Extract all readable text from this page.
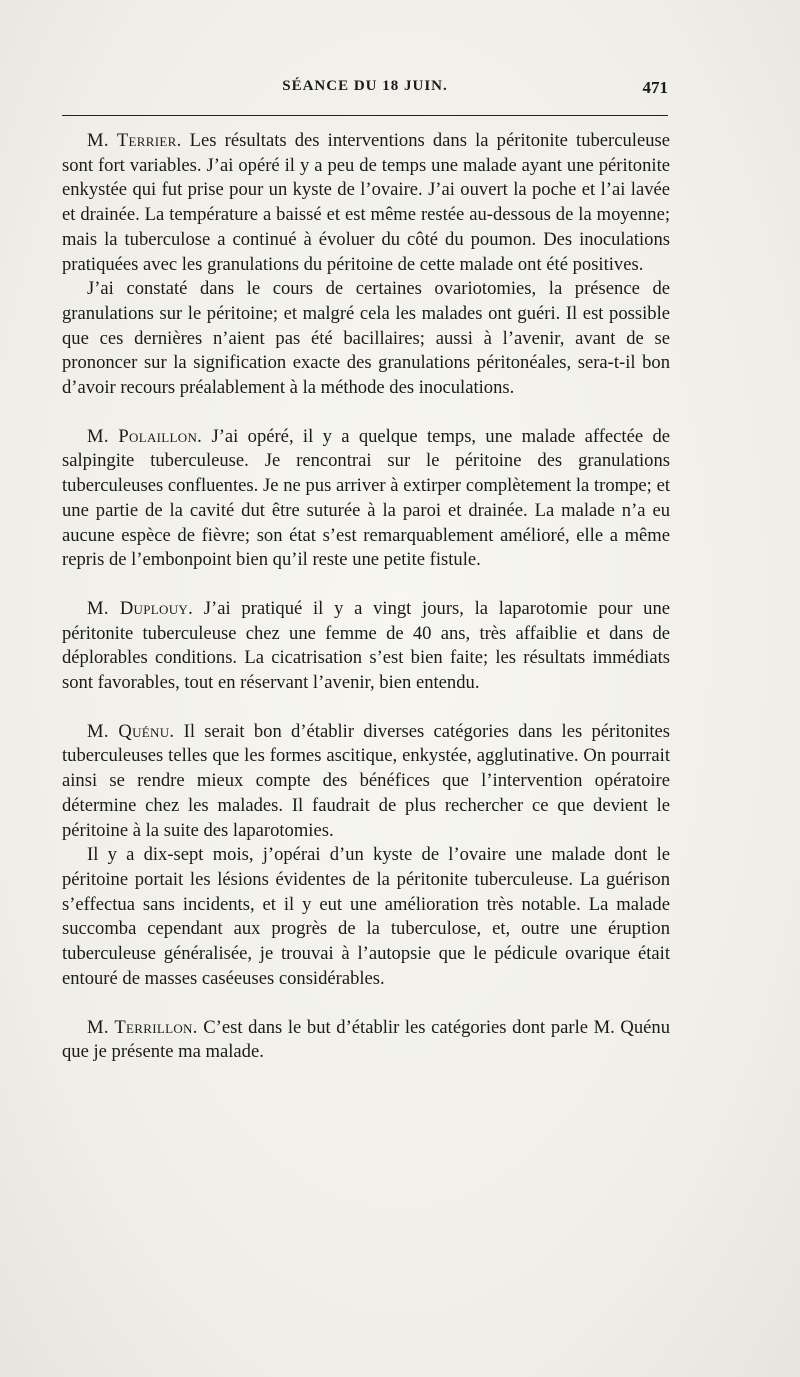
SÉANCE DU 18 JUIN.	471

M. Terrier. Les résultats des interventions dans la péritonite tuberculeuse sont fort variables. J’ai opéré il y a peu de temps une malade ayant une péritonite enkystée qui fut prise pour un kyste de l’ovaire. J’ai ouvert la poche et l’ai lavée et drainée. La température a baissé et est même restée au-dessous de la moyenne; mais la tuberculose a continué à évoluer du côté du poumon. Des inoculations pratiquées avec les granulations du péritoine de cette malade ont été positives.

J’ai constaté dans le cours de certaines ovariotomies, la présence de granulations sur le péritoine; et malgré cela les malades ont guéri. Il est possible que ces dernières n’aient pas été bacillaires; aussi à l’avenir, avant de se prononcer sur la signification exacte des granulations péritonéales, sera-t-il bon d’avoir recours préalablement à la méthode des inoculations.

M. Polaillon. J’ai opéré, il y a quelque temps, une malade affectée de salpingite tuberculeuse. Je rencontrai sur le péritoine des granulations tuberculeuses confluentes. Je ne pus arriver à extirper complètement la trompe; et une partie de la cavité dut être suturée à la paroi et drainée. La malade n’a eu aucune espèce de fièvre; son état s’est remarquablement amélioré, elle a même repris de l’embonpoint bien qu’il reste une petite fistule.

M. Duplouy. J’ai pratiqué il y a vingt jours, la laparotomie pour une péritonite tuberculeuse chez une femme de 40 ans, très affaiblie et dans de déplorables conditions. La cicatrisation s’est bien faite; les résultats immédiats sont favorables, tout en réservant l’avenir, bien entendu.

M. Quénu. Il serait bon d’établir diverses catégories dans les péritonites tuberculeuses telles que les formes ascitique, enkystée, agglutinative. On pourrait ainsi se rendre mieux compte des bénéfices que l’intervention opératoire détermine chez les malades. Il faudrait de plus rechercher ce que devient le péritoine à la suite des laparotomies.

Il y a dix-sept mois, j’opérai d’un kyste de l’ovaire une malade dont le péritoine portait les lésions évidentes de la péritonite tuberculeuse. La guérison s’effectua sans incidents, et il y eut une amélioration très notable. La malade succomba cependant aux progrès de la tuberculose, et, outre une éruption tuberculeuse généralisée, je trouvai à l’autopsie que le pédicule ovarique était entouré de masses caséeuses considérables.

M. Terrillon. C’est dans le but d’établir les catégories dont parle M. Quénu que je présente ma malade.
